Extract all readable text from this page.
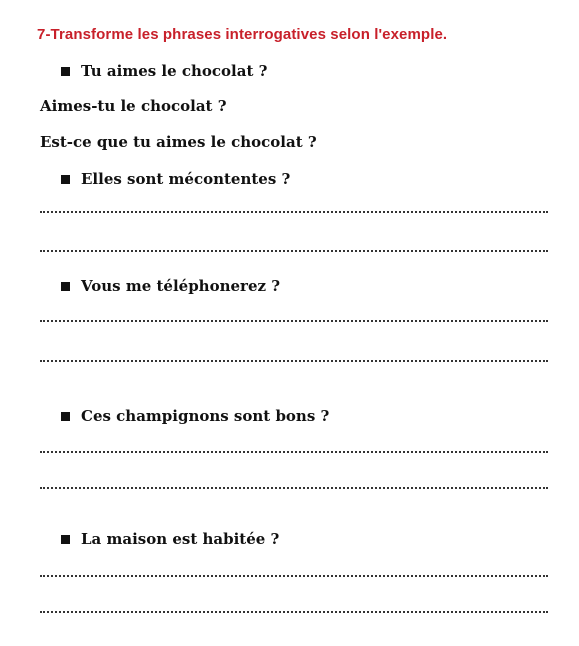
7-Transforme les phrases interrogatives selon l'exemple.
Tu aimes le chocolat ?
Aimes-tu le chocolat ?
Est-ce que tu aimes le chocolat ?
Elles sont mécontentes ?
Vous me téléphonerez ?
Ces champignons sont bons ?
La maison est habitée ?
